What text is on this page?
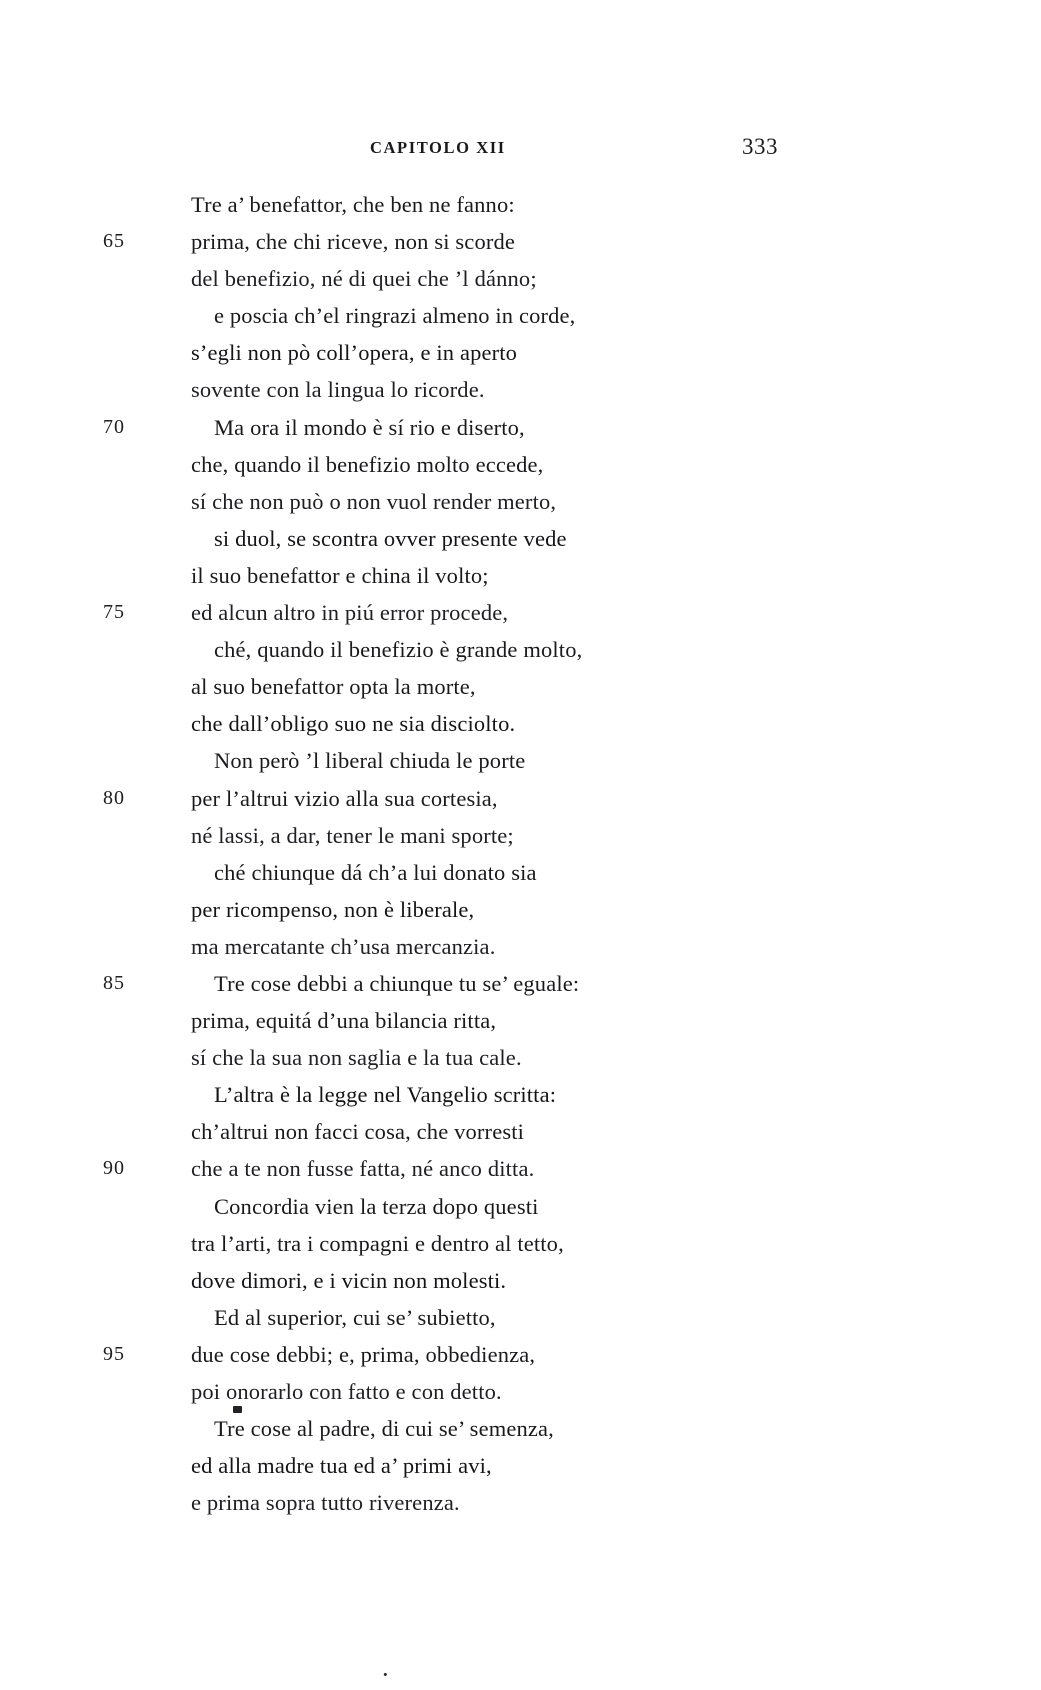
CAPITOLO XII	333
Tre a’ benefattor, che ben ne fanno:
65	prima, che chi riceve, non si scorde
del benefizio, né di quei che ’l dánno;
e poscia ch’el ringrazi almeno in corde,
s’egli non pò coll’opera, e in aperto
sovente con la lingua lo ricorde.
70	Ma ora il mondo è sí rio e diserto,
che, quando il benefizio molto eccede,
sí che non può o non vuol render merto,
si duol, se scontra ovver presente vede
il suo benefattor e china il volto;
75	ed alcun altro in piú error procede,
ché, quando il benefizio è grande molto,
al suo benefattor opta la morte,
che dall’obligo suo ne sia disciolto.
Non però ’l liberal chiuda le porte
80	per l’altrui vizio alla sua cortesia,
né lassi, a dar, tener le mani sporte;
ché chiunque dá ch’a lui donato sia
per ricompenso, non è liberale,
ma mercatante ch’usa mercanzia.
85	Tre cose debbi a chiunque tu se’ eguale:
prima, equitá d’una bilancia ritta,
sí che la sua non saglia e la tua cale.
L’altra è la legge nel Vangelio scritta:
ch’altrui non facci cosa, che vorresti
90	che a te non fusse fatta, né anco ditta.
Concordia vien la terza dopo questi
tra l’arti, tra i compagni e dentro al tetto,
dove dimori, e i vicin non molesti.
Ed al superior, cui se’ subietto,
95	due cose debbi; e, prima, obbedienza,
poi onorarlo con fatto e con detto.
Tre cose al padre, di cui se’ semenza,
ed alla madre tua ed a’ primi avi,
e prima sopra tutto riverenza.
·
